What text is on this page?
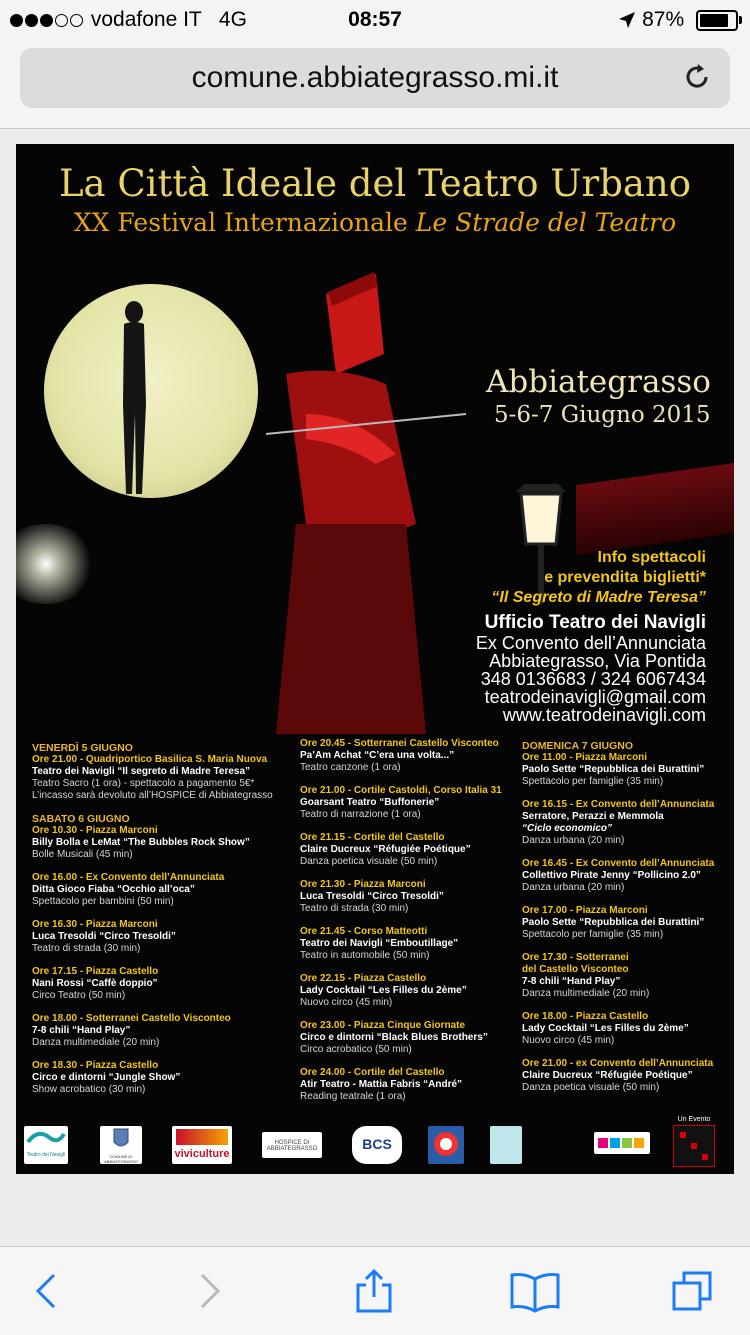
vodafone IT 4G	08:57	87%
comune.abbiategrasso.mi.it
La Città Ideale del Teatro Urbano
XX Festival Internazionale Le Strade del Teatro
Abbiategrasso
5-6-7 Giugno 2015
Info spettacoli
e prevendita biglietti*
“Il Segreto di Madre Teresa”
Ufficio Teatro dei Navigli
Ex Convento dell’Annunciata
Abbiategrasso, Via Pontida
348 0136683 / 324 6067434
teatrodeinavigli@gmail.com
www.teatrodeinavigli.com
VENERDÌ 5 GIUGNO
Ore 21.00 - Quadriportico Basilica S. Maria Nuova
Teatro dei Navigli “Il segreto di Madre Teresa”
Teatro Sacro (1 ora) - spettacolo a pagamento 5€*
L’incasso sarà devoluto all’HOSPICE di Abbiategrasso
SABATO 6 GIUGNO
Ore 10.30 - Piazza Marconi
Billy Bolla e LeMat “The Bubbles Rock Show”
Bolle Musicali (45 min)
Ore 16.00 - Ex Convento dell’Annunciata
Ditta Gioco Fiaba “Occhio all’oca”
Spettacolo per bambini (50 min)
Ore 16.30 - Piazza Marconi
Luca Tresoldi “Circo Tresoldi”
Teatro di strada (30 min)
Ore 17.15 - Piazza Castello
Nani Rossi “Caffè doppio”
Circo Teatro (50 min)
Ore 18.00 - Sotterranei Castello Visconteo
7-8 chili “Hand Play”
Danza multimediale (20 min)
Ore 18.30 - Piazza Castello
Circo e dintorni “Jungle Show”
Show acrobatico (30 min)
Ore 20.45 - Sotterranei Castello Visconteo
Pa’Am Achat “C’era una volta...”
Teatro canzone (1 ora)
Ore 21.00 - Cortile Castoldi, Corso Italia 31
Goarsant Teatro “Buffonerie”
Teatro di narrazione (1 ora)
Ore 21.15 - Cortile del Castello
Claire Ducreux “Réfugiée Poétique”
Danza poetica visuale (50 min)
Ore 21.30 - Piazza Marconi
Luca Tresoldi “Circo Tresoldi”
Teatro di strada (30 min)
Ore 21.45 - Corso Matteotti
Teatro dei Navigli “Emboutillage”
Teatro in automobile (50 min)
Ore 22.15 - Piazza Castello
Lady Cocktail “Les Filles du 2ème”
Nuovo circo (45 min)
Ore 23.00 - Piazza Cinque Giornate
Circo e dintorni “Black Blues Brothers”
Circo acrobatico (50 min)
Ore 24.00 - Cortile del Castello
Atir Teatro - Mattia Fabris “André”
Reading teatrale (1 ora)
DOMENICA 7 GIUGNO
Ore 11.00 - Piazza Marconi
Paolo Sette “Repubblica dei Burattini”
Spettacolo per famiglie (35 min)
Ore 16.15 - Ex Convento dell’Annunciata
Serratore, Perazzi e Memmola
“Ciclo economico”
Danza urbana (20 min)
Ore 16.45 - Ex Convento dell’Annunciata
Collettivo Pirate Jenny “Pollicino 2.0”
Danza urbana (20 min)
Ore 17.00 - Piazza Marconi
Paolo Sette “Repubblica dei Burattini”
Spettacolo per famiglie (35 min)
Ore 17.30 - Sotterranei
del Castello Visconteo
7-8 chili “Hand Play”
Danza multimediale (20 min)
Ore 18.00 - Piazza Castello
Lady Cocktail “Les Filles du 2ème”
Nuovo circo (45 min)
Ore 21.00 - ex Convento dell’Annunciata
Claire Ducreux “Réfugiée Poétique”
Danza poetica visuale (50 min)
Teatro dei Navigli	COMUNE DI ABBIATEGRASSO
viviculture
HOSPICE DI ABBIATEGRASSO	BCS
Un Evento
